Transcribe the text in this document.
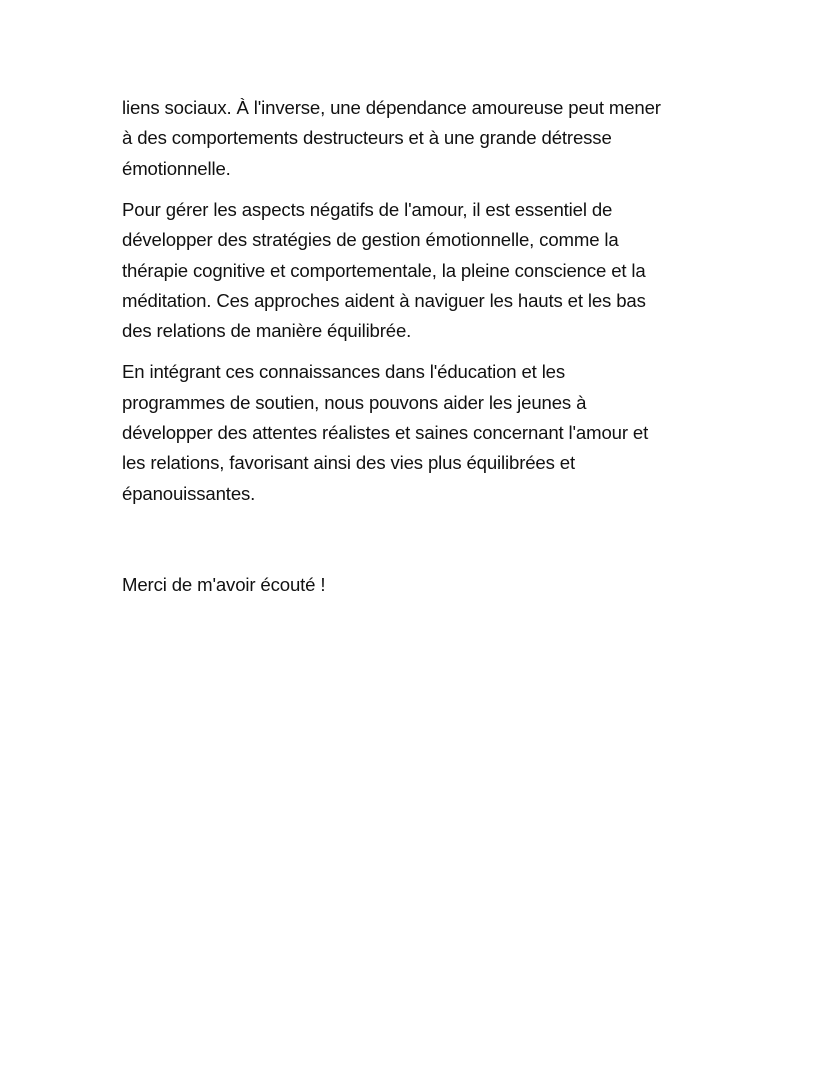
liens sociaux. À l'inverse, une dépendance amoureuse peut mener
à des comportements destructeurs et à une grande détresse
émotionnelle.
Pour gérer les aspects négatifs de l'amour, il est essentiel de
développer des stratégies de gestion émotionnelle, comme la
thérapie cognitive et comportementale, la pleine conscience et la
méditation. Ces approches aident à naviguer les hauts et les bas
des relations de manière équilibrée.
En intégrant ces connaissances dans l'éducation et les
programmes de soutien, nous pouvons aider les jeunes à
développer des attentes réalistes et saines concernant l'amour et
les relations, favorisant ainsi des vies plus équilibrées et
épanouissantes.
Merci de m'avoir écouté !
